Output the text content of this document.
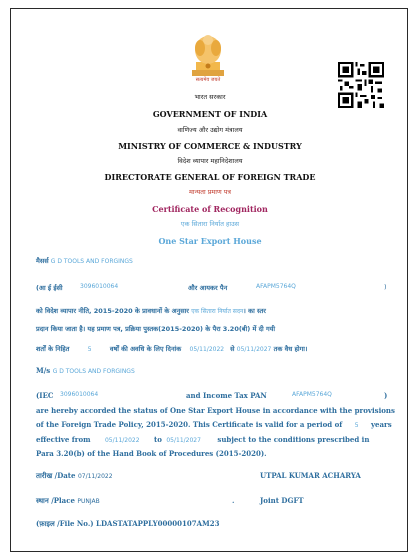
सत्यमेव जयते
भारत सरकार
GOVERNMENT OF INDIA
वाणिज्य और उद्योग मंत्रालय
MINISTRY OF COMMERCE & INDUSTRY
विदेश व्यापार महानिदेशालय
DIRECTORATE GENERAL OF FOREIGN TRADE
मान्यता प्रमाण पत्र
Certificate of Recognition
एक सितारा निर्यात हाउस
One Star Export House
मैसर्स G D TOOLS AND FORGINGS
(आ ई ईसी	3096010064	और आयकर पैन	AFAPM5764Q	)
को विदेश व्यापार नीति, 2015-2020 के प्रावधानों के अनुसार एक सितारा निर्यात सदन। का स्तर
प्रदान किया जाता है। यह प्रमाण पत्र, प्रक्रिया पुस्तक(2015-2020) के पैरा 3.20(बी) में दी गयी
शर्तों के निहित	5	वर्षों की अवधि के लिए दिनांक 05/11/2022 से 05/11/2027 तक वैध होगा।
M/s G D TOOLS AND FORGINGS
(IEC 3096010064	and Income Tax PAN	AFAPM5764Q	)
are hereby accorded the status of One Star Export House in accordance with the provisions
of the Foreign Trade Policy, 2015-2020. This Certificate is valid for a period of 5 years
effective from 05/11/2022 to 05/11/2027 subject to the conditions prescribed in
Para 3.20(b) of the Hand Book of Procedures (2015-2020).
तारीख /Date 07/11/2022	UTPAL KUMAR ACHARYA
स्थान /Place PUNJAB	.	Joint DGFT
(फ़ाइल /File No.) LDASTATAPPLY00000107AM23
